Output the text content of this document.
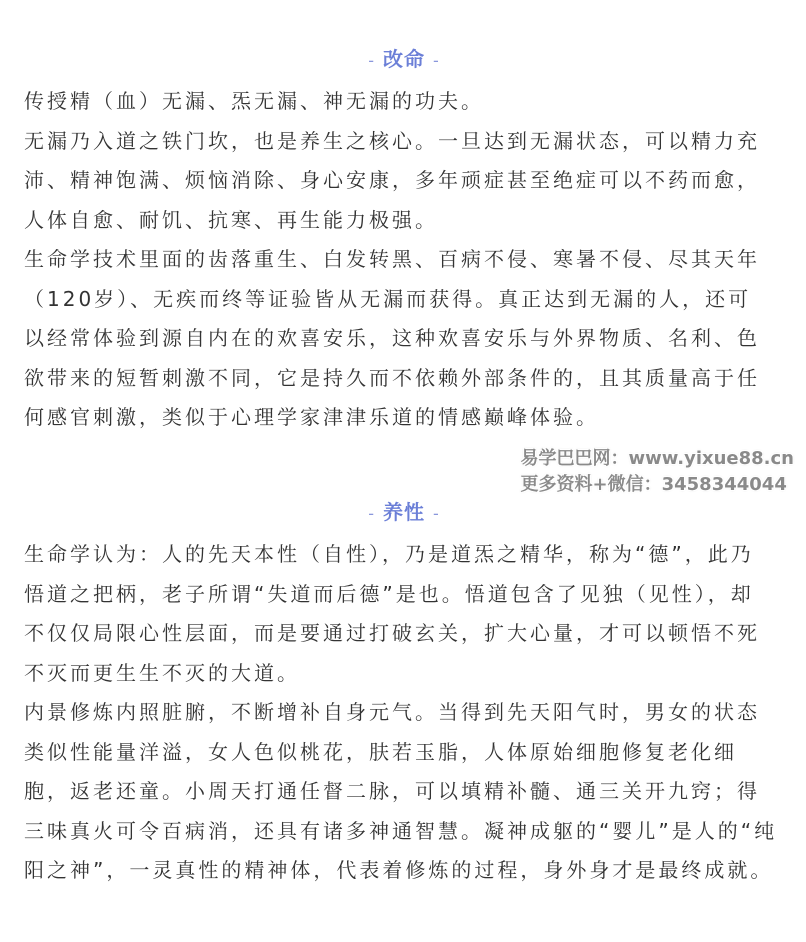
- 改命 -

传授精（血）无漏、炁无漏、神无漏的功夫。

无漏乃入道之铁门坎，也是养生之核心。一旦达到无漏状态，可以精力充
沛、精神饱满、烦恼消除、身心安康，多年顽症甚至绝症可以不药而愈，
人体自愈、耐饥、抗寒、再生能力极强。

生命学技术里面的齿落重生、白发转黑、百病不侵、寒暑不侵、尽其天年
（120岁）、无疾而终等证验皆从无漏而获得。真正达到无漏的人，还可
以经常体验到源自内在的欢喜安乐，这种欢喜安乐与外界物质、名利、色
欲带来的短暂刺激不同，它是持久而不依赖外部条件的，且其质量高于任
何感官刺激，类似于心理学家津津乐道的情感巅峰体验。

- 养性 -

生命学认为：人的先天本性（自性），乃是道炁之精华，称为“德”，此乃
悟道之把柄，老子所谓“失道而后德”是也。悟道包含了见独（见性），却
不仅仅局限心性层面，而是要通过打破玄关，扩大心量，才可以顿悟不死
不灭而更生生不灭的大道。

内景修炼内照脏腑，不断增补自身元气。当得到先天阳气时，男女的状态
类似性能量洋溢，女人色似桃花，肤若玉脂，人体原始细胞修复老化细
胞，返老还童。小周天打通任督二脉，可以填精补髓、通三关开九窍；得
三味真火可令百病消，还具有诸多神通智慧。凝神成躯的“婴儿”是人的“纯
阳之神”，一灵真性的精神体，代表着修炼的过程，身外身才是最终成就。

易学巴巴网：www.yixue88.cn
更多资料+微信：3458344044
